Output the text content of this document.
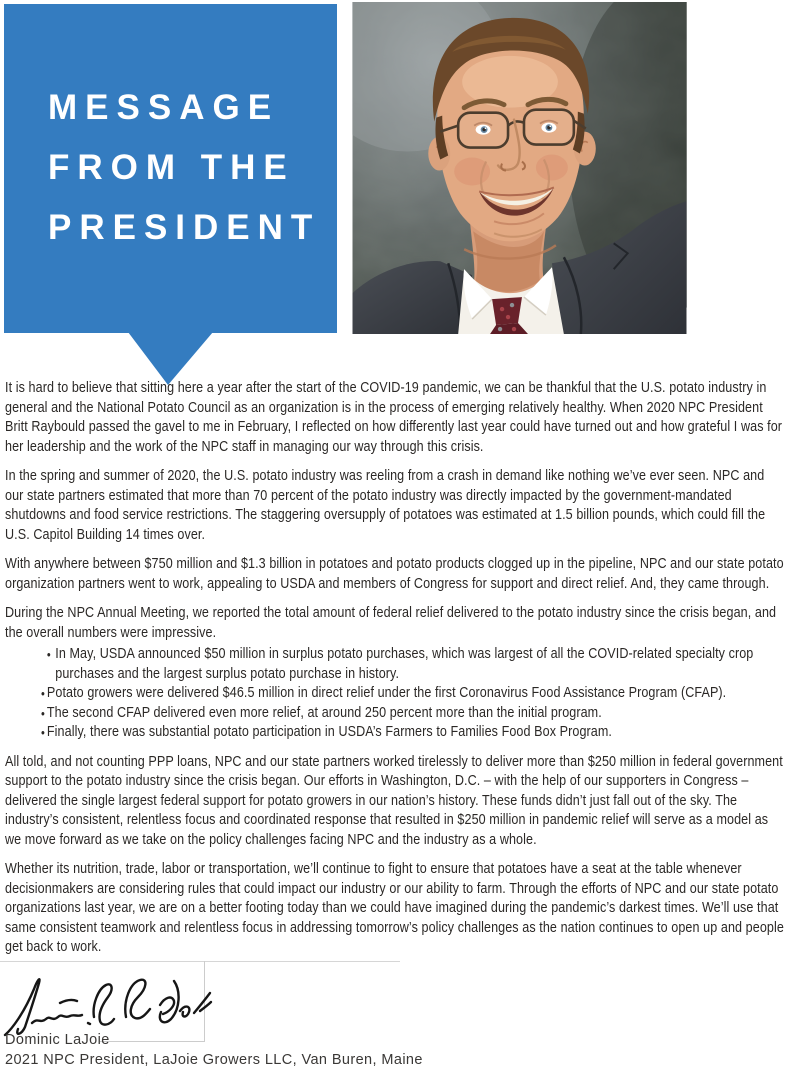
MESSAGE
FROM THE
PRESIDENT

It is hard to believe that sitting here a year after the start of the COVID-19 pandemic, we can be thankful that the U.S. potato industry in general and the National Potato Council as an organization is in the process of emerging relatively healthy. When 2020 NPC President Britt Raybould passed the gavel to me in February, I reflected on how differently last year could have turned out and how grateful I was for her leadership and the work of the NPC staff in managing our way through this crisis.

In the spring and summer of 2020, the U.S. potato industry was reeling from a crash in demand like nothing we’ve ever seen. NPC and our state partners estimated that more than 70 percent of the potato industry was directly impacted by the government-mandated shutdowns and food service restrictions. The staggering oversupply of potatoes was estimated at 1.5 billion pounds, which could fill the U.S. Capitol Building 14 times over.

With anywhere between $750 million and $1.3 billion in potatoes and potato products clogged up in the pipeline, NPC and our state potato organization partners went to work, appealing to USDA and members of Congress for support and direct relief. And, they came through.

During the NPC Annual Meeting, we reported the total amount of federal relief delivered to the potato industry since the crisis began, and the overall numbers were impressive.

• In May, USDA announced $50 million in surplus potato purchases, which was largest of all the COVID-related specialty crop purchases and the largest surplus potato purchase in history.
• Potato growers were delivered $46.5 million in direct relief under the first Coronavirus Food Assistance Program (CFAP).
• The second CFAP delivered even more relief, at around 250 percent more than the initial program.
• Finally, there was substantial potato participation in USDA’s Farmers to Families Food Box Program.

All told, and not counting PPP loans, NPC and our state partners worked tirelessly to deliver more than $250 million in federal government support to the potato industry since the crisis began. Our efforts in Washington, D.C. – with the help of our supporters in Congress – delivered the single largest federal support for potato growers in our nation’s history. These funds didn’t just fall out of the sky. The industry’s consistent, relentless focus and coordinated response that resulted in $250 million in pandemic relief will serve as a model as we move forward as we take on the policy challenges facing NPC and the industry as a whole.

Whether its nutrition, trade, labor or transportation, we’ll continue to fight to ensure that potatoes have a seat at the table whenever decisionmakers are considering rules that could impact our industry or our ability to farm. Through the efforts of NPC and our state potato organizations last year, we are on a better footing today than we could have imagined during the pandemic’s darkest times. We’ll use that same consistent teamwork and relentless focus in addressing tomorrow’s policy challenges as the nation continues to open up and people get back to work.

Dominic LaJoie
2021 NPC President, LaJoie Growers LLC, Van Buren, Maine
